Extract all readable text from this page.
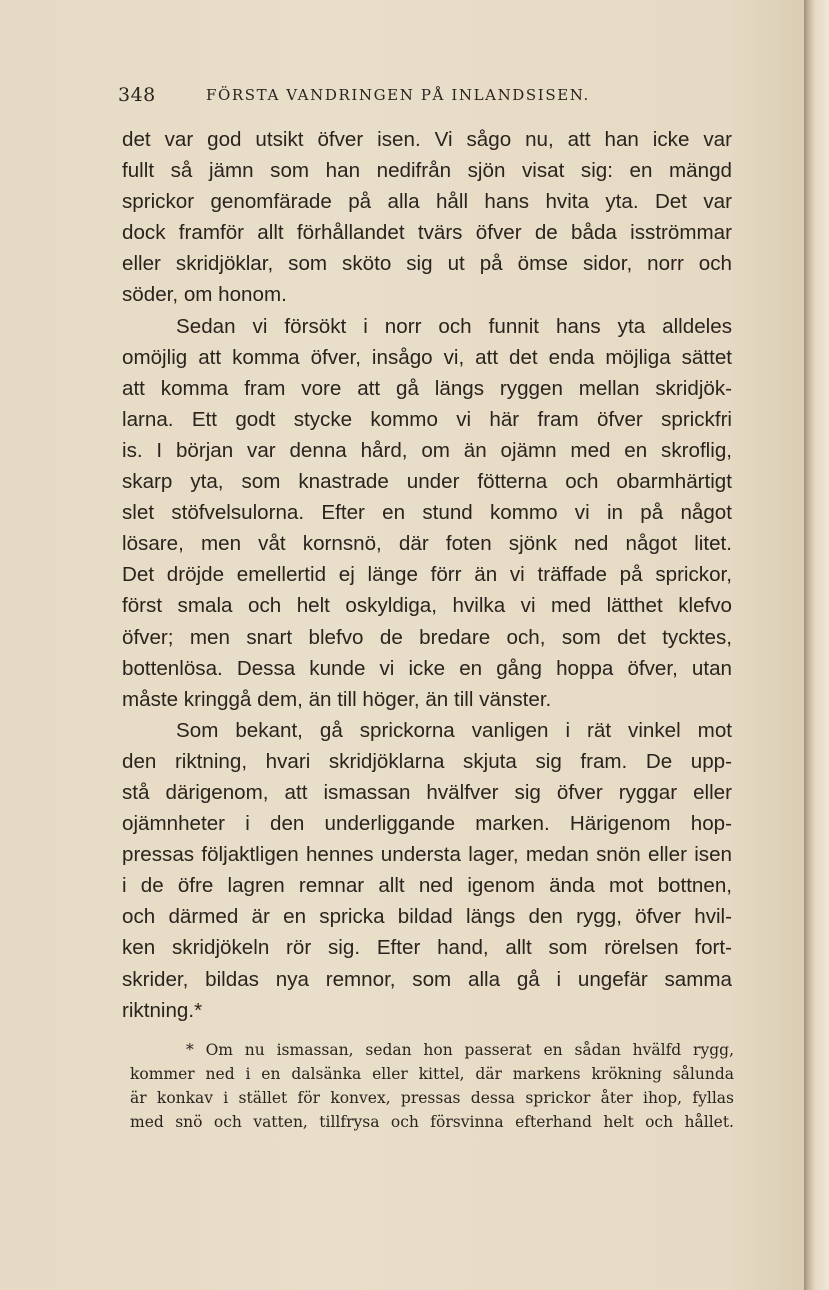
348	FÖRSTA VANDRINGEN PÅ INLANDSISEN.
det var god utsikt öfver isen. Vi sågo nu, att han icke var
fullt så jämn som han nedifrån sjön visat sig: en mängd
sprickor genomfärade på alla håll hans hvita yta. Det var
dock framför allt förhållandet tvärs öfver de båda isströmmar
eller skridjöklar, som sköto sig ut på ömse sidor, norr och
söder, om honom.
Sedan vi försökt i norr och funnit hans yta alldeles
omöjlig att komma öfver, insågo vi, att det enda möjliga sättet
att komma fram vore att gå längs ryggen mellan skridjök-
larna. Ett godt stycke kommo vi här fram öfver sprickfri
is. I början var denna hård, om än ojämn med en skroflig,
skarp yta, som knastrade under fötterna och obarmhärtigt
slet stöfvelsulorna. Efter en stund kommo vi in på något
lösare, men våt kornsnö, där foten sjönk ned något litet.
Det dröjde emellertid ej länge förr än vi träffade på sprickor,
först smala och helt oskyldiga, hvilka vi med lätthet klefvo
öfver; men snart blefvo de bredare och, som det tycktes,
bottenlösa. Dessa kunde vi icke en gång hoppa öfver, utan
måste kringgå dem, än till höger, än till vänster.
Som bekant, gå sprickorna vanligen i rät vinkel mot
den riktning, hvari skridjöklarna skjuta sig fram. De upp-
stå därigenom, att ismassan hvälfver sig öfver ryggar eller
ojämnheter i den underliggande marken. Härigenom hop-
pressas följaktligen hennes understa lager, medan snön eller isen
i de öfre lagren remnar allt ned igenom ända mot bottnen,
och därmed är en spricka bildad längs den rygg, öfver hvil-
ken skridjökeln rör sig. Efter hand, allt som rörelsen fort-
skrider, bildas nya remnor, som alla gå i ungefär samma
riktning.*
* Om nu ismassan, sedan hon passerat en sådan hvälfd rygg,
kommer ned i en dalsänka eller kittel, där markens krökning sålunda
är konkav i stället för konvex, pressas dessa sprickor åter ihop, fyllas
med snö och vatten, tillfrysa och försvinna efterhand helt och hållet.
